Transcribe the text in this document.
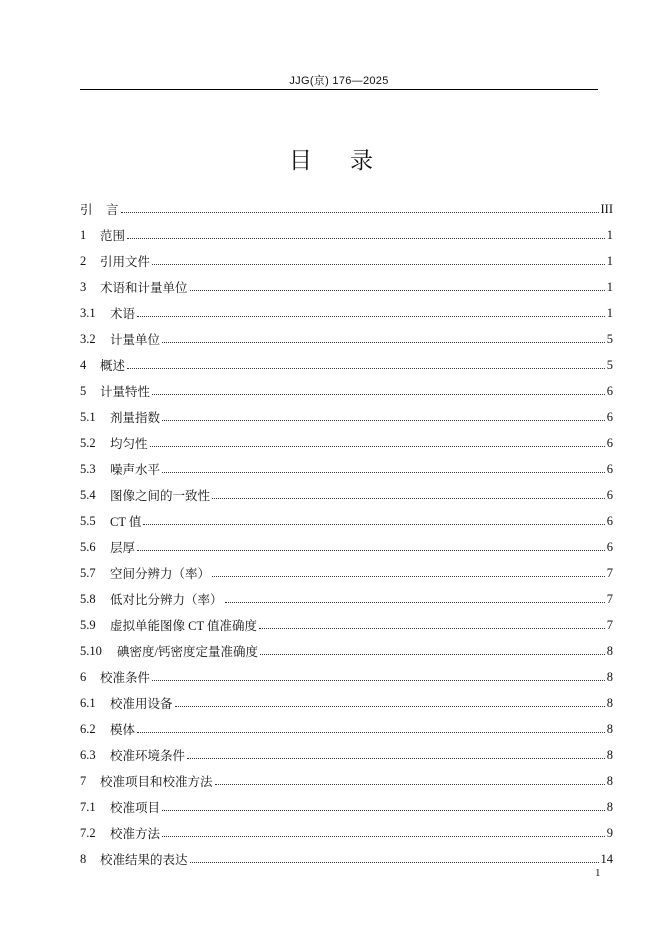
JJG(京) 176—2025
目 录
引	言	III
1	范围	1
2	引用文件	1
3	术语和计量单位	1
3.1	术语	1
3.2	计量单位	5
4	概述	5
5	计量特性	6
5.1	剂量指数	6
5.2	均匀性	6
5.3	噪声水平	6
5.4	图像之间的一致性	6
5.5	CT 值	6
5.6	层厚	6
5.7	空间分辨力（率）	7
5.8	低对比分辨力（率）	7
5.9	虚拟单能图像 CT 值准确度	7
5.10	碘密度/钙密度定量准确度	8
6	校准条件	8
6.1	校准用设备	8
6.2	模体	8
6.3	校准环境条件	8
7	校准项目和校准方法	8
7.1	校准项目	8
7.2	校准方法	9
8	校准结果的表达	14
1
